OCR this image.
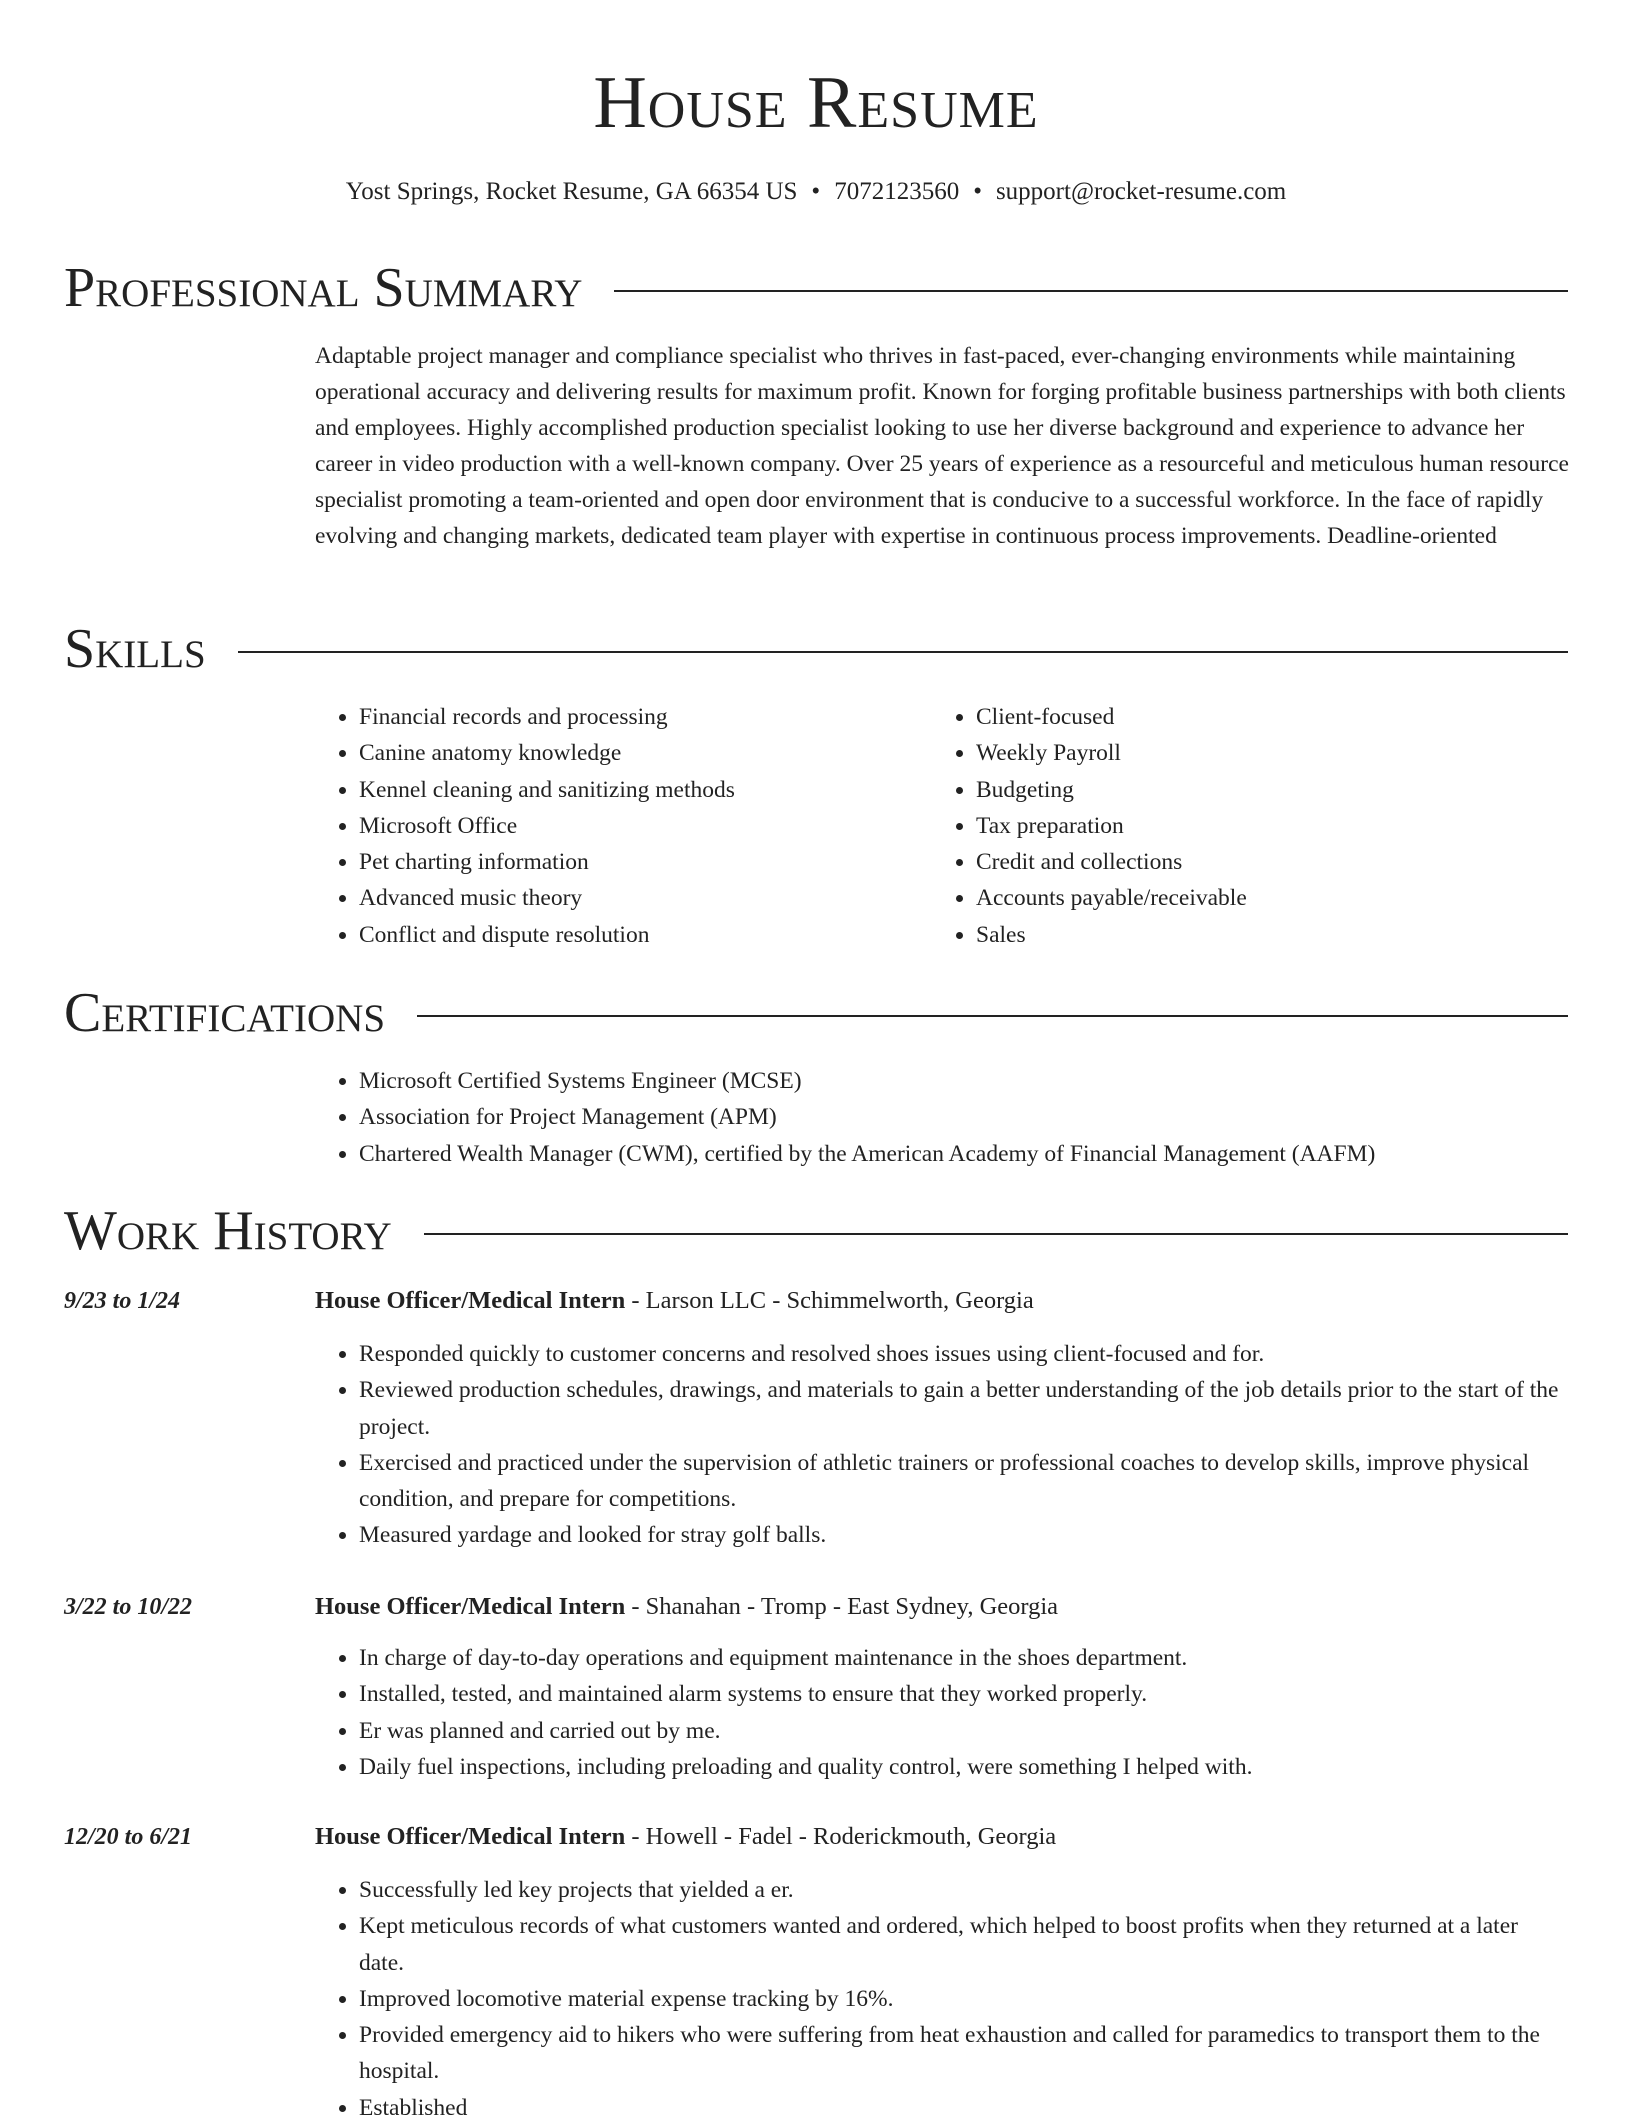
House Resume
Yost Springs, Rocket Resume, GA 66354 US • 7072123560 • support@rocket-resume.com
Professional Summary

Adaptable project manager and compliance specialist who thrives in fast-paced, ever-changing environments while maintaining operational accuracy and delivering results for maximum profit. Known for forging profitable business partnerships with both clients and employees. Highly accomplished production specialist looking to use her diverse background and experience to advance her career in video production with a well-known company. Over 25 years of experience as a resourceful and meticulous human resource specialist promoting a team-oriented and open door environment that is conducive to a successful workforce. In the face of rapidly evolving and changing markets, dedicated team player with expertise in continuous process improvements. Deadline-oriented

Skills
• Financial records and processing
• Canine anatomy knowledge
• Kennel cleaning and sanitizing methods
• Microsoft Office
• Pet charting information
• Advanced music theory
• Conflict and dispute resolution
• Client-focused
• Weekly Payroll
• Budgeting
• Tax preparation
• Credit and collections
• Accounts payable/receivable
• Sales
Certifications
• Microsoft Certified Systems Engineer (MCSE)
• Association for Project Management (APM)
• Chartered Wealth Manager (CWM), certified by the American Academy of Financial Management (AAFM)
Work History
9/23 to 1/24	House Officer/Medical Intern - Larson LLC - Schimmelworth, Georgia
• Responded quickly to customer concerns and resolved shoes issues using client-focused and for.
• Reviewed production schedules, drawings, and materials to gain a better understanding of the job details prior to the start of the project.
• Exercised and practiced under the supervision of athletic trainers or professional coaches to develop skills, improve physical condition, and prepare for competitions.
• Measured yardage and looked for stray golf balls.
3/22 to 10/22	House Officer/Medical Intern - Shanahan - Tromp - East Sydney, Georgia
• In charge of day-to-day operations and equipment maintenance in the shoes department.
• Installed, tested, and maintained alarm systems to ensure that they worked properly.
• Er was planned and carried out by me.
• Daily fuel inspections, including preloading and quality control, were something I helped with.
12/20 to 6/21	House Officer/Medical Intern - Howell - Fadel - Roderickmouth, Georgia
• Successfully led key projects that yielded a er.
• Kept meticulous records of what customers wanted and ordered, which helped to boost profits when they returned at a later date.
• Improved locomotive material expense tracking by 16%.
• Provided emergency aid to hikers who were suffering from heat exhaustion and called for paramedics to transport them to the hospital.
• Established
